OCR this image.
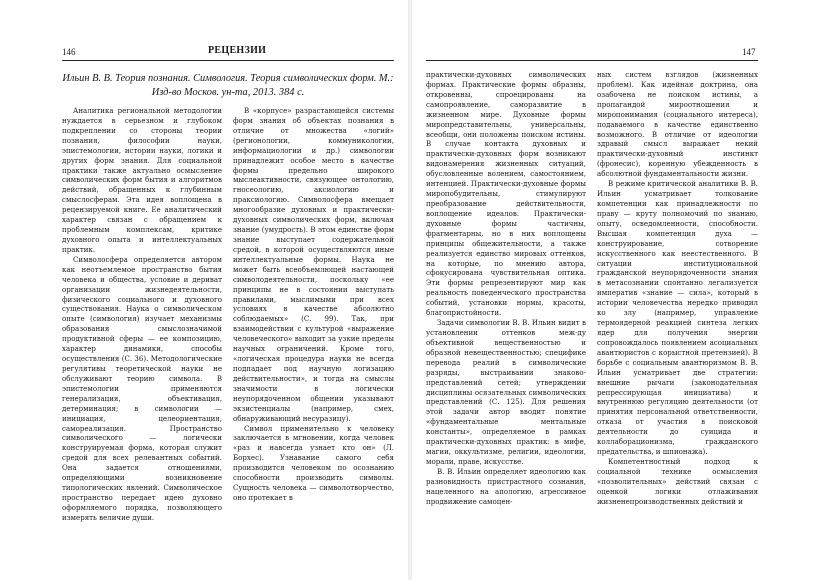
146	РЕЦЕНЗИИ
Ильин В. В. Теория познания. Симвология. Теория символических форм. М.: Изд-во Москов. ун-та, 2013. 384 с.

Аналитика региональной методологии нуждается в серьезном и глубоком подкреплении со стороны теории познания, философии науки, эпистемологии, истории науки, логики и других форм знания. Для социальной практики также актуально осмысление символических форм бытия и алгоритмов действий, обращенных к глубинным смыслосферам. Эта идея воплощена в рецензируемой книге. Ее аналитический характер связан с обращением к проблемным комплексам, критике духовного опыта и интеллектуальных практик.

Символосфера определяется автором как неотъемлемое пространство бытия человека и общества, условие и дериват организации жизнедеятельности, физического социального и духовного существования. Наука о символическом опыте (симвология) изучает механизмы образования смыслозначимой продуктивной сферы — ее композицию, характер динамики, способы осуществления (С. 36). Методологические регулятивы теоретической науки не обслуживают теорию символа. В эпистемологии применяются генерализация, объективация, детерминация; в символогии — инициация, целеориентация, самореализация. Пространство символического — логически конструируемая форма, которая служит средой для всех релевантных событий. Она задается отношениями, определяющими возникновение типологических явлений. Символическое пространство передает идею духовно оформляемого порядка, позволяющего измерять величие души.

В «корпусе» разрастающейся системы форм знания об объектах познания в отличие от множества «логий» (регионологии, коммуникологии, информациологии и др.) символогии принадлежит особое место в качестве формы предельно широкого мыслеактивности, связующее онтологию, гносеологию, аксиологию и праксиологию. Символосфера вмещает многообразие духовных и практически-духовных символических форм, включая знание (умудрость). В этом единстве форм знание выступает содержательной средой, в которой осуществляются иные интеллектуальные формы. Наука не может быть всеобъемлющей настающей символодеятельности, поскольку «ее принципы не в состоянии выступать правилами, мыслимыми при всех условиях в качестве абсолютно соблюдаемых» (С. 99). Так, при взаимодействии с культурой «выражение человеческого» выходит за узкие пределы научных ограничений. Кроме того, «логическая процедура науки не всегда подпадает под научную логизацию действительности», и тогда на смыслы значимости в логически неупорядоченном общении указывают экзистенциалы (например, смех, обнаруживающий несуразицу).

Символ применительно к человеку заключается в мгновении, когда человек «раз и навсегда узнает кто он» (Л. Борхес). Узнавание самого себя производится человеком по осознанию способности производить символы. Сущность человека — символотворчество, оно протекает в

147

практически-духовных символических формах. Практические формы образны, откровенны, спроецированы на самопроявление, саморазвитие в жизненном мире. Духовные формы миропредставительны, универсальны, всеобщи, они положены поиском истины. В случае контакта духовных и практически-духовных форм возникают видонамерения жизненных ситуаций, обусловленные волением, самостоянием, интенцией. Практически-духовные формы миропобудительны, стимулируют преобразование действительности, воплощение идеалов. Практически-духовные формы частичны, фрагментарны, но в них воплощены принципы общежительности, а также реализуется единство мировых оттенков, на которые, по мнению автора, сфокусирована чувствительная оптика. Эти формы репрезентируют мир как реальность поведенческого пространства событий, установки нормы, красоты, благопристойности.

Задачи символогии В. В. Ильин видит в установлении оттенков меж-ду объективной вещественностью и образной невещественностью; специфике перевода реалий в символические разряды, выстраивании знаково-представлений сетей; утверждении дисциплины осязательных символических представлений (С. 125). Для решения этой задачи автор вводит понятие «фундаментальные ментальные константы», определяемое в рамках практически-духовных практик: в мифе, магии, оккультизме, религии, идеологии, морали, праве, искусстве.

В. В. Ильин определяет идеологию как разновидность пристрастного сознания, нацеленного на апологию, агрессивное продвижение самоцен-

ных систем взглядов (жизненных проблем). Как идейная доктрина, она озабочена не поиском истины, а пропагандой мироотношения и миропонимания (социального интереса), подаваемого в качестве единственно возможного. В отличие от идеологии здравый смысл выражает некий практически-духовный инстинкт (фронесис), коренную убежденность в абсолютной фундаментальности жизни.

В режиме критической аналитики В. В. Ильин усматривает толкование компетенции как принадлежности по праву — круту полномочий по знанию, опыту, осведомленности, способности. Высшая компетенция духа — конструирование, сотворение искусственного как неестественного. В ситуации институциональной гражданской неупорядоченности знания в метасознании спонтанно легализуется императив «знание — сила», который в истории человечества нередко приводил ко злу (например, управление термоядерной реакцией синтеза легких ядер для получения энергии сопровождалось появлением асоциальных авантюристов с корыстной претензией). В борьбе с социальным авантюризмом В. В. Ильин усматривает две стратегии: внешние рычаги (законодательная репрессирующая инициатива) и внутреннюю регуляцию деятельности (от принятия персональной ответственности, отказа от участия в поисковой деятельности до суицида и коллаборационизма, гражданского предательства, и шпионажа).

Компетентностный подход к социальной технике осмысления «позволительных» действий связан с оценкой логики отлаживания жизненепроизводственных действий и
